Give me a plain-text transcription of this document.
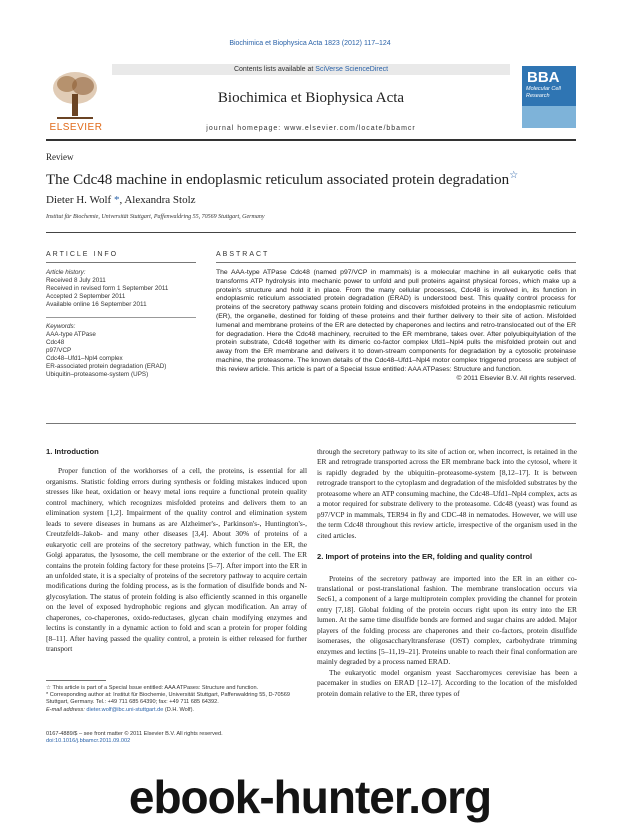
Biochimica et Biophysica Acta 1823 (2012) 117–124
ELSEVIER
Contents lists available at SciVerse ScienceDirect
Biochimica et Biophysica Acta
journal homepage: www.elsevier.com/locate/bbamcr
BBA
Molecular Cell Research
Review
The Cdc48 machine in endoplasmic reticulum associated protein degradation☆
Dieter H. Wolf *, Alexandra Stolz
Institut für Biochemie, Universität Stuttgart, Paffenwaldring 55, 70569 Stuttgart, Germany
ARTICLE INFO
Article history:
Received 8 July 2011
Received in revised form 1 September 2011
Accepted 2 September 2011
Available online 16 September 2011
Keywords:
AAA-type ATPase
Cdc48
p97/VCP
Cdc48–Ufd1–Npl4 complex
ER-associated protein degradation (ERAD)
Ubiquitin–proteasome-system (UPS)
ABSTRACT
The AAA-type ATPase Cdc48 (named p97/VCP in mammals) is a molecular machine in all eukaryotic cells that transforms ATP hydrolysis into mechanic power to unfold and pull proteins against physical forces, which make up a protein's structure and hold it in place. From the many cellular processes, Cdc48 is involved in, its function in endoplasmic reticulum associated protein degradation (ERAD) is understood best. This quality control process for proteins of the secretory pathway scans protein folding and discovers misfolded proteins in the endoplasmic reticulum (ER), the organelle, destined for folding of these proteins and their further delivery to their site of action. Misfolded lumenal and membrane proteins of the ER are detected by chaperones and lectins and retro-translocated out of the ER for degradation. Here the Cdc48 machinery, recruited to the ER membrane, takes over. After polyubiquitylation of the protein substrate, Cdc48 together with its dimeric co-factor complex Ufd1–Npl4 pulls the misfolded protein out and away from the ER membrane and delivers it to down-stream components for degradation by a cytosolic proteinase machine, the proteasome. The known details of the Cdc48–Ufd1–Npl4 motor complex triggered process are subject of this review article. This article is part of a Special Issue entitled: AAA ATPases: Structure and function.
© 2011 Elsevier B.V. All rights reserved.
1. Introduction

Proper function of the workhorses of a cell, the proteins, is essential for all organisms. Statistic folding errors during synthesis or folding mistakes induced upon stresses like heat, oxidation or heavy metal ions require a functional protein quality control machinery, which recognizes misfolded proteins and delivers them to an elimination system [1,2]. Impairment of the quality control and elimination system leads to severe diseases in humans as are Alzheimer's-, Parkinson's-, Huntington's-, Creutzfeldt–Jakob- and many other diseases [3,4]. About 30% of proteins of a eukaryotic cell are proteins of the secretory pathway, which function in the ER, the Golgi apparatus, the lysosome, the cell membrane or the exterior of the cell. The ER contains the protein folding factory for these proteins [5–7]. After import into the ER in an unfolded state, it is a specialty of proteins of the secretory pathway to acquire certain modifications during the folding process, as is the formation of disulfide bonds and N-glycosylation. The status of protein folding is also efficiently scanned in this organelle on the level of exposed hydrophobic regions and glycan modification. An array of chaperones, co-chaperones, oxido-reductases, glycan chain modifying enzymes and lectins is constantly in a dynamic action to fold and scan a protein for proper folding [8–11]. After having passed the quality control, a protein is either released for further transport

through the secretory pathway to its site of action or, when incorrect, is retained in the ER and retrograde transported across the ER membrane back into the cytosol, where it is rapidly degraded by the ubiquitin–proteasome-system [8,12–17]. It is between retrograde transport to the cytoplasm and degradation of the misfolded substrates by the proteasome where an ATP consuming machine, the Cdc48–Ufd1–Npl4 complex, acts as a motor required for substrate delivery to the proteasome. Cdc48 (yeast) was found as p97/VCP in mammals, TER94 in fly and CDC-48 in nematodes. However, we will use the term Cdc48 throughout this review article, irrespective of the organism used in the cited articles.

2. Import of proteins into the ER, folding and quality control

Proteins of the secretory pathway are imported into the ER in an either co-translational or post-translational fashion. The membrane translocation occurs via Sec61, a component of a large multiprotein complex providing the channel for protein entry [7,18]. Global folding of the protein occurs right upon its entry into the ER lumen. At the same time disulfide bonds are formed and sugar chains are added. Major players of the folding process are chaperones and their co-factors, protein disulfide isomerases, the oligosaccharyltransferase (OST) complex, carbohydrate trimming enzymes and lectins [5–11,19–21]. Proteins unable to reach their final conformation are mainly degraded by a process named ERAD.

The eukaryotic model organism yeast Saccharomyces cerevisiae has been a pacemaker in studies on ERAD [12–17]. According to the location of the misfolded protein domain relative to the ER, three types of

☆ This article is part of a Special Issue entitled: AAA ATPases: Structure and function.
* Corresponding author at: Institut für Biochemie, Universität Stuttgart, Paffenwaldring 55, D-70569 Stuttgart, Germany. Tel.: +49 711 685 64390; fax: +49 711 685 64392.
E-mail address: dieter.wolf@ibc.uni-stuttgart.de (D.H. Wolf).
0167-4889/$ – see front matter © 2011 Elsevier B.V. All rights reserved.
doi:10.1016/j.bbamcr.2011.09.002
ebook-hunter.org
